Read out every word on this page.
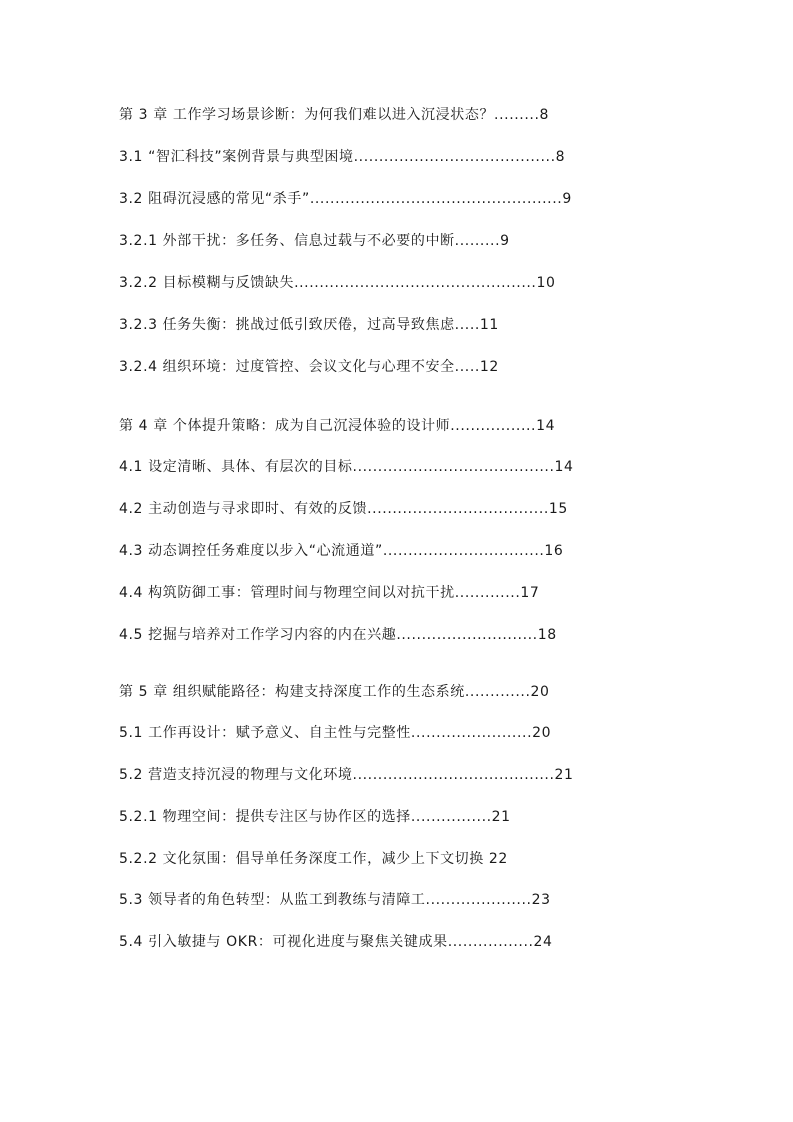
第 3 章 工作学习场景诊断：为何我们难以进入沉浸状态？.........8
3.1 “智汇科技”案例背景与典型困境........................................8
3.2 阻碍沉浸感的常见“杀手”..................................................9
3.2.1 外部干扰：多任务、信息过载与不必要的中断.........9
3.2.2 目标模糊与反馈缺失................................................10
3.2.3 任务失衡：挑战过低引致厌倦，过高导致焦虑.....11
3.2.4 组织环境：过度管控、会议文化与心理不安全.....12
第 4 章 个体提升策略：成为自己沉浸体验的设计师.................14
4.1 设定清晰、具体、有层次的目标........................................14
4.2 主动创造与寻求即时、有效的反馈....................................15
4.3 动态调控任务难度以步入“心流通道”................................16
4.4 构筑防御工事：管理时间与物理空间以对抗干扰.............17
4.5 挖掘与培养对工作学习内容的内在兴趣............................18
第 5 章 组织赋能路径：构建支持深度工作的生态系统.............20
5.1 工作再设计：赋予意义、自主性与完整性........................20
5.2 营造支持沉浸的物理与文化环境........................................21
5.2.1 物理空间：提供专注区与协作区的选择................21
5.2.2 文化氛围：倡导单任务深度工作，减少上下文切换 22
5.3 领导者的角色转型：从监工到教练与清障工.....................23
5.4 引入敏捷与 OKR：可视化进度与聚焦关键成果.................24
